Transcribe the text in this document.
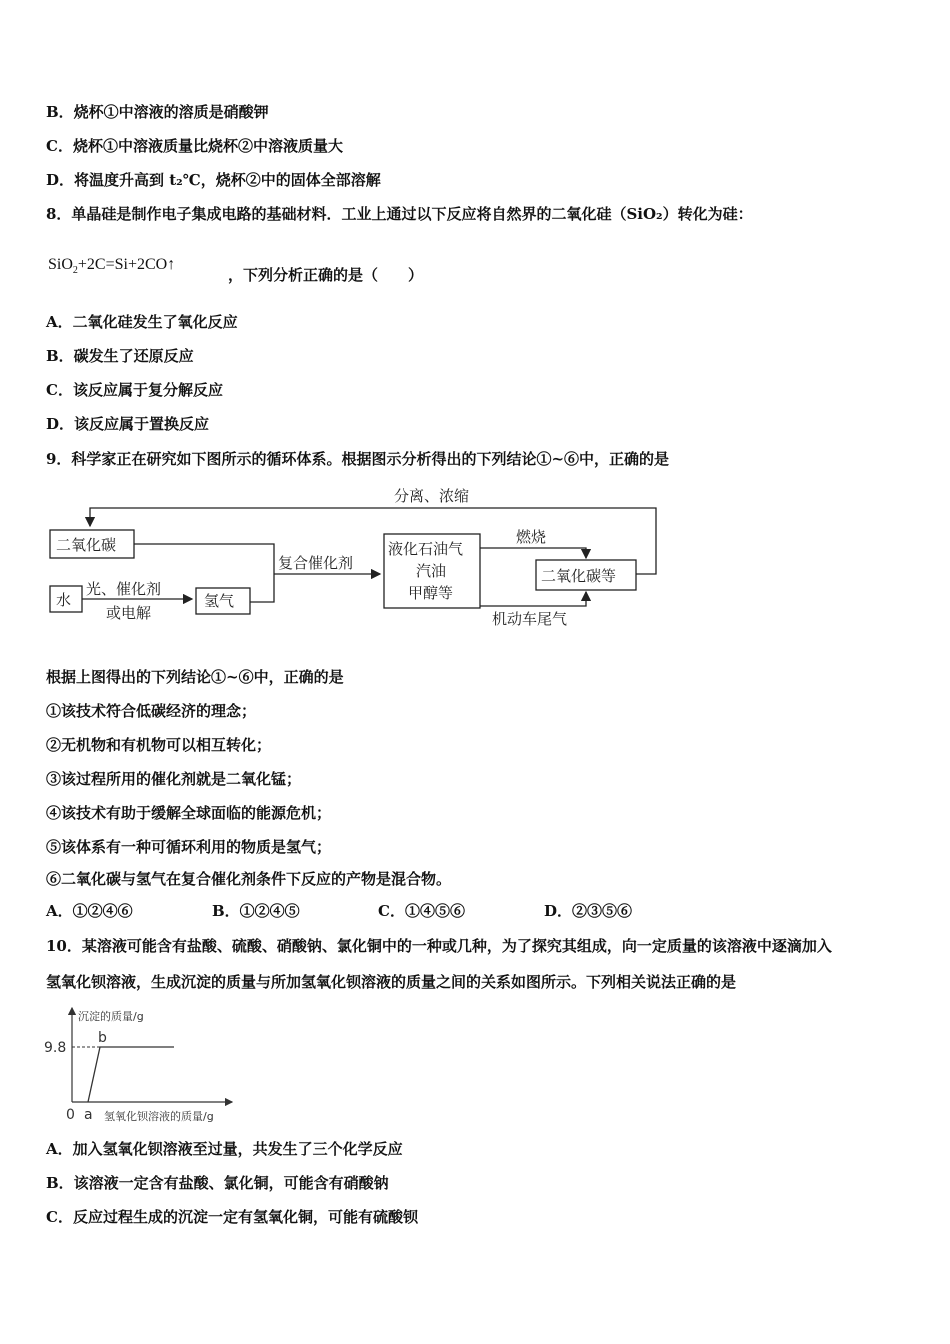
B．烧杯①中溶液的溶质是硝酸钾
C．烧杯①中溶液质量比烧杯②中溶液质量大
D．将温度升高到 t₂℃，烧杯②中的固体全部溶解
8．单晶硅是制作电子集成电路的基础材料．工业上通过以下反应将自然界的二氧化硅（SiO₂）转化为硅：
SiO$_2$+2C=Si+2CO↑
，下列分析正确的是（　　）
A．二氧化硅发生了氧化反应
B．碳发生了还原反应
C．该反应属于复分解反应
D．该反应属于置换反应
9．科学家正在研究如下图所示的循环体系。根据图示分析得出的下列结论①~⑥中，正确的是
分离、浓缩
二氧化碳
水	氢气
液化石油气
汽油
甲醇等
二氧化碳等
光、催化剂
或电解
复合催化剂
燃烧
机动车尾气
根据上图得出的下列结论①~⑥中，正确的是
①该技术符合低碳经济的理念；
②无机物和有机物可以相互转化；
③该过程所用的催化剂就是二氧化锰；
④该技术有助于缓解全球面临的能源危机；
⑤该体系有一种可循环利用的物质是氢气；
⑥二氧化碳与氢气在复合催化剂条件下反应的产物是混合物。
A．①②④⑥	B．①②④⑤	C．①④⑤⑥	D．②③⑤⑥
10．某溶液可能含有盐酸、硫酸、硝酸钠、氯化铜中的一种或几种，为了探究其组成，向一定质量的该溶液中逐滴加入
氢氧化钡溶液，生成沉淀的质量与所加氢氧化钡溶液的质量之间的关系如图所示。下列相关说法正确的是
沉淀的质量/g
9.8
b
0 a 氢氧化钡溶液的质量/g
A．加入氢氧化钡溶液至过量，共发生了三个化学反应
B．该溶液一定含有盐酸、氯化铜，可能含有硝酸钠
C．反应过程生成的沉淀一定有氢氧化铜，可能有硫酸钡
